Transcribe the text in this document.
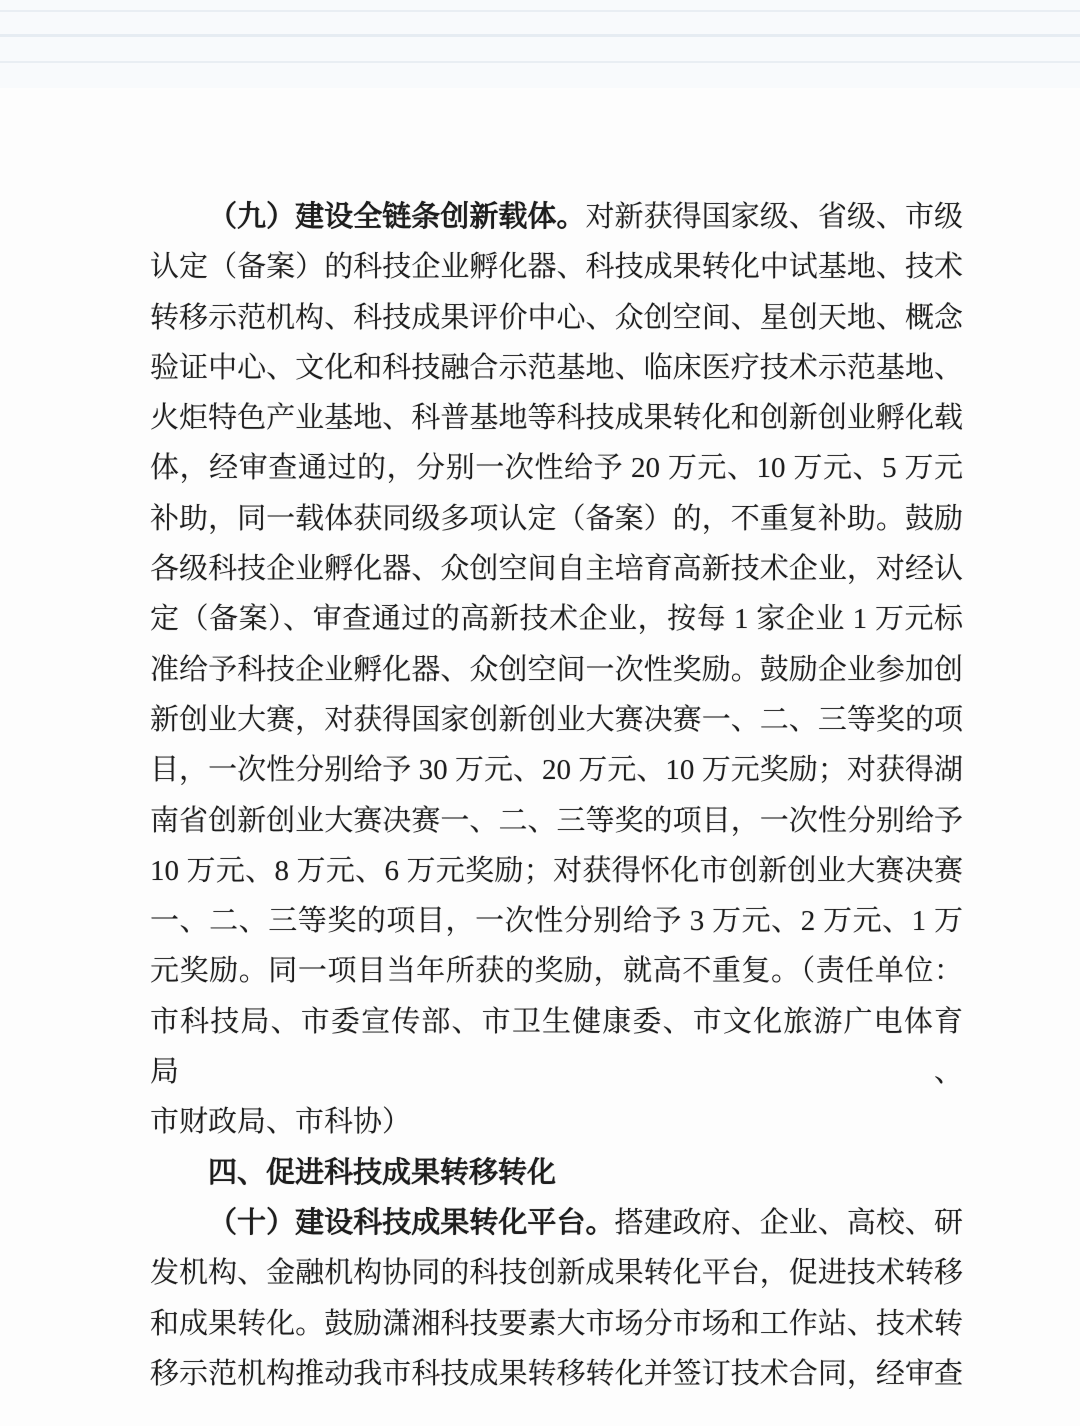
（九）建设全链条创新载体。对新获得国家级、省级、市级
认定（备案）的科技企业孵化器、科技成果转化中试基地、技术
转移示范机构、科技成果评价中心、众创空间、星创天地、概念
验证中心、文化和科技融合示范基地、临床医疗技术示范基地、
火炬特色产业基地、科普基地等科技成果转化和创新创业孵化载
体，经审查通过的，分别一次性给予 20 万元、10 万元、5 万元
补助，同一载体获同级多项认定（备案）的，不重复补助。鼓励
各级科技企业孵化器、众创空间自主培育高新技术企业，对经认
定（备案）、审查通过的高新技术企业，按每 1 家企业 1 万元标
准给予科技企业孵化器、众创空间一次性奖励。鼓励企业参加创
新创业大赛，对获得国家创新创业大赛决赛一、二、三等奖的项
目，一次性分别给予 30 万元、20 万元、10 万元奖励；对获得湖
南省创新创业大赛决赛一、二、三等奖的项目，一次性分别给予
10 万元、8 万元、6 万元奖励；对获得怀化市创新创业大赛决赛
一、二、三等奖的项目，一次性分别给予 3 万元、2 万元、1 万
元奖励。同一项目当年所获的奖励，就高不重复。（责任单位：
市科技局、市委宣传部、市卫生健康委、市文化旅游广电体育局、
市财政局、市科协）
四、促进科技成果转移转化
（十）建设科技成果转化平台。搭建政府、企业、高校、研
发机构、金融机构协同的科技创新成果转化平台，促进技术转移
和成果转化。鼓励潇湘科技要素大市场分市场和工作站、技术转
移示范机构推动我市科技成果转移转化并签订技术合同，经审查
